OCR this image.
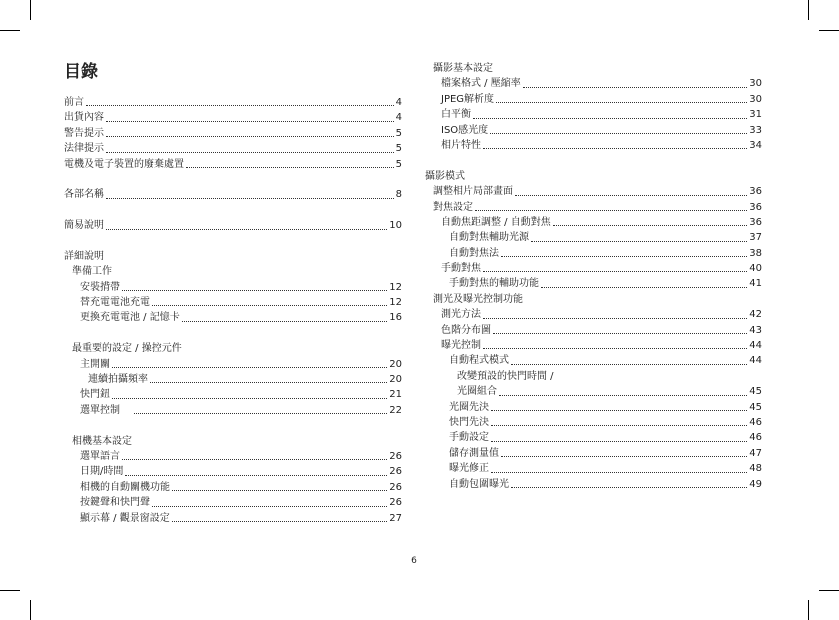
目錄
前言	4
出貨內容	4
警告提示	5
法律提示	5
電機及電子裝置的廢棄處置	5
各部名稱	8
簡易說明	10
詳細說明
準備工作
安裝揹帶	12
替充電電池充電	12
更換充電電池 / 記憶卡	16
最重要的設定 / 操控元件
主開關	20
連續拍攝頻率	20
快門鈕	21
選單控制	22
相機基本設定
選單語言	26
日期/時間	26
相機的自動關機功能	26
按鍵聲和快門聲	26
顯示幕 / 觀景窗設定	27
攝影基本設定
檔案格式 / 壓縮率	30
JPEG解析度	30
白平衡	31
ISO感光度	33
相片特性	34
攝影模式
調整相片局部畫面	36
對焦設定	36
自動焦距調整 / 自動對焦	36
自動對焦輔助光源	37
自動對焦法	38
手動對焦	40
手動對焦的輔助功能	41
測光及曝光控制功能
測光方法	42
色階分布圖	43
曝光控制	44
自動程式模式	44
改變預設的快門時間 /
光圈組合	45
光圈先決	45
快門先決	46
手動設定	46
儲存測量值	47
曝光修正	48
自動包圍曝光	49
6
